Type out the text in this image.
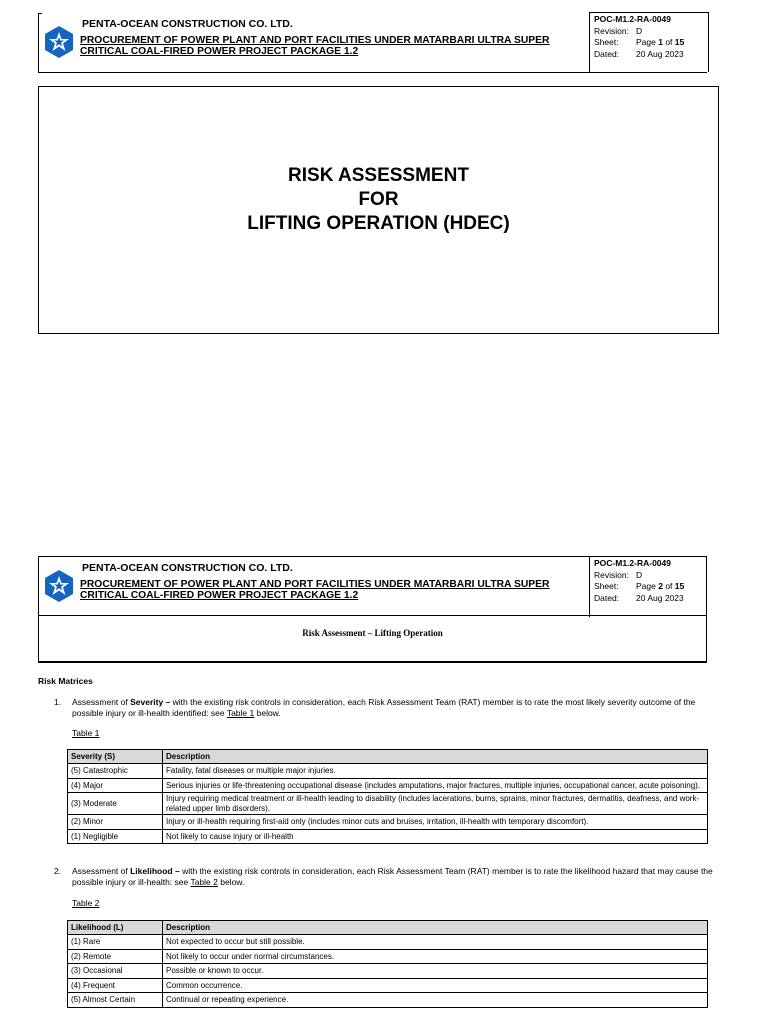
PENTA-OCEAN CONSTRUCTION CO. LTD.
PROCUREMENT OF POWER PLANT AND PORT FACILITIES UNDER MATARBARI ULTRA SUPER CRITICAL COAL-FIRED POWER PROJECT PACKAGE 1.2
POC-M1.2-RA-0049
Revision: D
Sheet:	Page 1 of 15
Dated:	20 Aug 2023
RISK ASSESSMENT
FOR
LIFTING OPERATION (HDEC)
PENTA-OCEAN CONSTRUCTION CO. LTD.
PROCUREMENT OF POWER PLANT AND PORT FACILITIES UNDER MATARBARI ULTRA SUPER CRITICAL COAL-FIRED POWER PROJECT PACKAGE 1.2
POC-M1.2-RA-0049
Revision: D
Sheet:	Page 2 of 15
Dated:	20 Aug 2023
Risk Assessment – Lifting Operation
Risk Matrices
1. Assessment of Severity – with the existing risk controls in consideration, each Risk Assessment Team (RAT) member is to rate the most likely severity outcome of the possible injury or ill-health identified: see Table 1 below.
Table 1
Severity (S)	Description
(5) Catastrophic	Fatality, fatal diseases or multiple major injuries.
(4) Major	Serious injuries or life-threatening occupational disease (includes amputations, major fractures, multiple injuries, occupational cancer, acute poisoning).
(3) Moderate	Injury requiring medical treatment or ill-health leading to disability (includes lacerations, burns, sprains, minor fractures, dermatitis, deafness, and work-related upper limb disorders).
(2) Minor	Injury or ill-health requiring first-aid only (includes minor cuts and bruises, irritation, ill-health with temporary discomfort).
(1) Negligible	Not likely to cause injury or ill-health
2. Assessment of Likelihood – with the existing risk controls in consideration, each Risk Assessment Team (RAT) member is to rate the likelihood hazard that may cause the possible injury or ill-health: see Table 2 below.
Table 2
Likelihood (L)	Description
(1) Rare	Not expected to occur but still possible.
(2) Remote	Not likely to occur under normal circumstances.
(3) Occasional	Possible or known to occur.
(4) Frequent	Common occurrence.
(5) Almost Certain	Continual or repeating experience.
